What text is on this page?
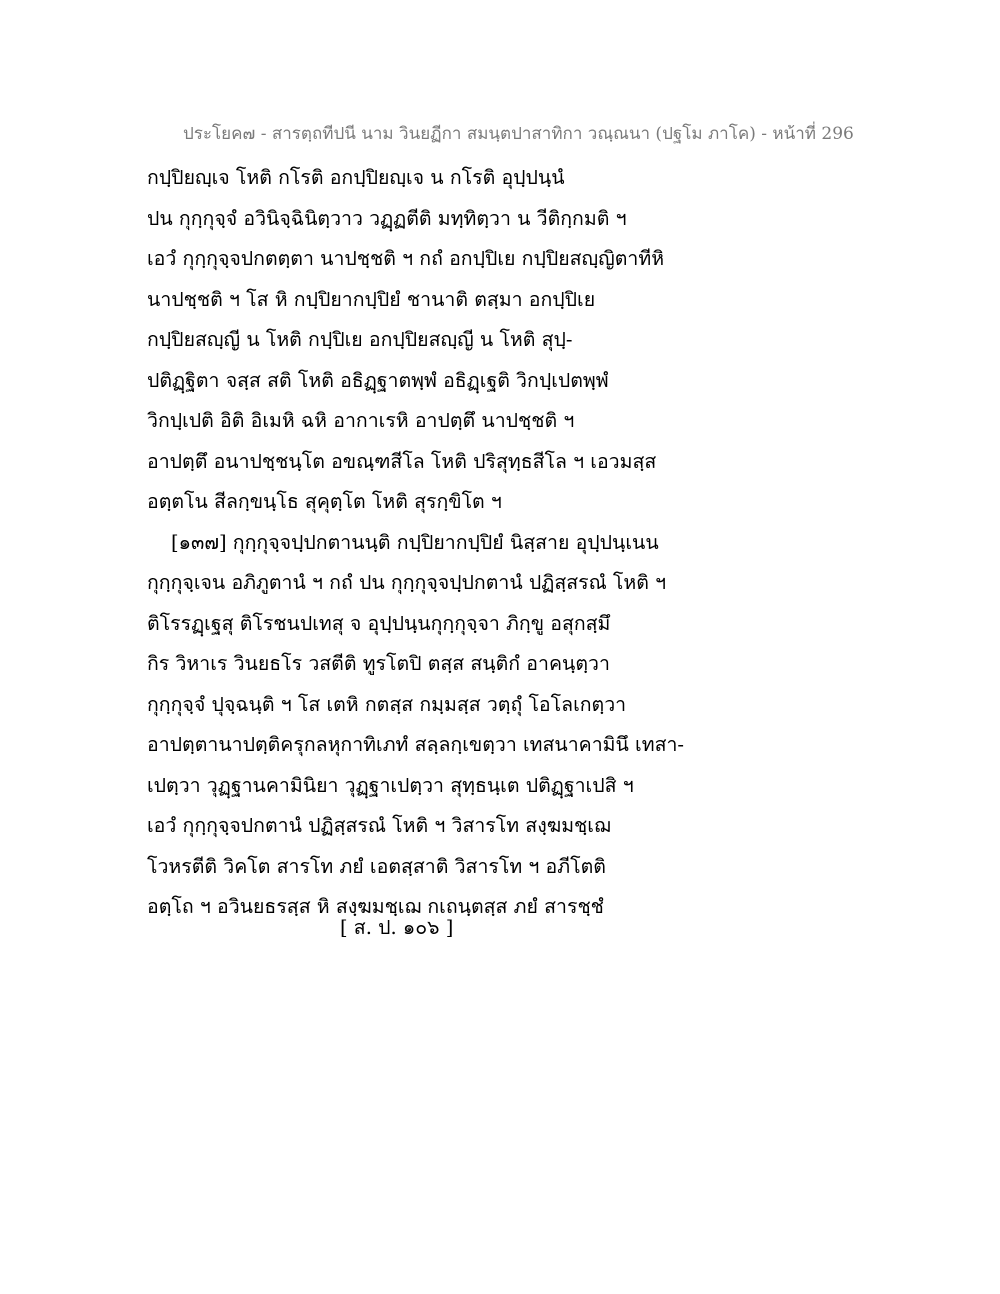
ประโยค๗ - สารตฺถทีปนี นาม วินยฏีกา สมนฺตปาสาทิกา วณฺณนา (ปฐโม ภาโค) - หน้าที่ 296
กปฺปิยญฺเจ โหติ กโรติ อกปฺปิยญฺเจ น กโรติ อุปฺปนฺนํ
ปน กุกฺกุจฺจํ อวินิจฺฉินิตฺวาว วฏฺฏตีติ มทฺทิตฺวา น วีติกฺกมติ ฯ
เอวํ กุกฺกุจฺจปกตตฺตา นาปชฺชติ ฯ กถํ อกปฺปิเย กปฺปิยสญฺญิตาทีหิ
นาปชฺชติ ฯ โส หิ กปฺปิยากปฺปิยํ ชานาติ ตสฺมา อกปฺปิเย
กปฺปิยสญฺญี น โหติ กปฺปิเย อกปฺปิยสญฺญี น โหติ สุปฺ-
ปติฏฺฐิตา จสฺส สติ โหติ อธิฏฺฐาตพฺพํ อธิฏฺเฐติ วิกปฺเปตพฺพํ
วิกปฺเปติ อิติ อิเมหิ ฉหิ อากาเรหิ อาปตฺตึ นาปชฺชติ ฯ
อาปตฺตึ อนาปชฺชนฺโต อขณฺฑสีโล โหติ ปริสุทฺธสีโล ฯ เอวมสฺส
อตฺตโน สีลกฺขนฺโธ สุคุตฺโต โหติ สุรกฺขิโต ฯ
[๑๓๗] กุกฺกุจฺจปฺปกตานนฺติ กปฺปิยากปฺปิยํ นิสฺสาย อุปฺปนฺเนน
กุกฺกุจฺเจน อภิภูตานํ ฯ กถํ ปน กุกฺกุจฺจปฺปกตานํ ปฏิสฺสรณํ โหติ ฯ
ติโรรฏฺเฐสุ ติโรชนปเทสุ จ อุปฺปนฺนกุกฺกุจฺจา ภิกฺขู อสุกสฺมึ
กิร วิหาเร วินยธโร วสตีติ ทูรโตปิ ตสฺส สนฺติกํ อาคนฺตฺวา
กุกฺกุจฺจํ ปุจฺฉนฺติ ฯ โส เตหิ กตสฺส กมฺมสฺส วตฺถุํ โอโลเกตฺวา
อาปตฺตานาปตฺติครุกลหุกาทิเภทํ สลฺลกฺเขตฺวา เทสนาคามินึ เทสา-
เปตฺวา วุฏฺฐานคามินิยา วุฏฺฐาเปตฺวา สุทฺธนฺเต ปติฏฺฐาเปสิ ฯ
เอวํ กุกฺกุจฺจปกตานํ ปฏิสฺสรณํ โหติ ฯ วิสารโท สงฺฆมชฺเฌ
โวหรตีติ วิคโต สารโท ภยํ เอตสฺสาติ วิสารโท ฯ อภีโตติ
อตฺโถ ฯ อวินยธรสฺส หิ สงฺฆมชฺเฌ กเถนฺตสฺส ภยํ สารชฺชํ
[ ส. ป. ๑๐๖ ]
